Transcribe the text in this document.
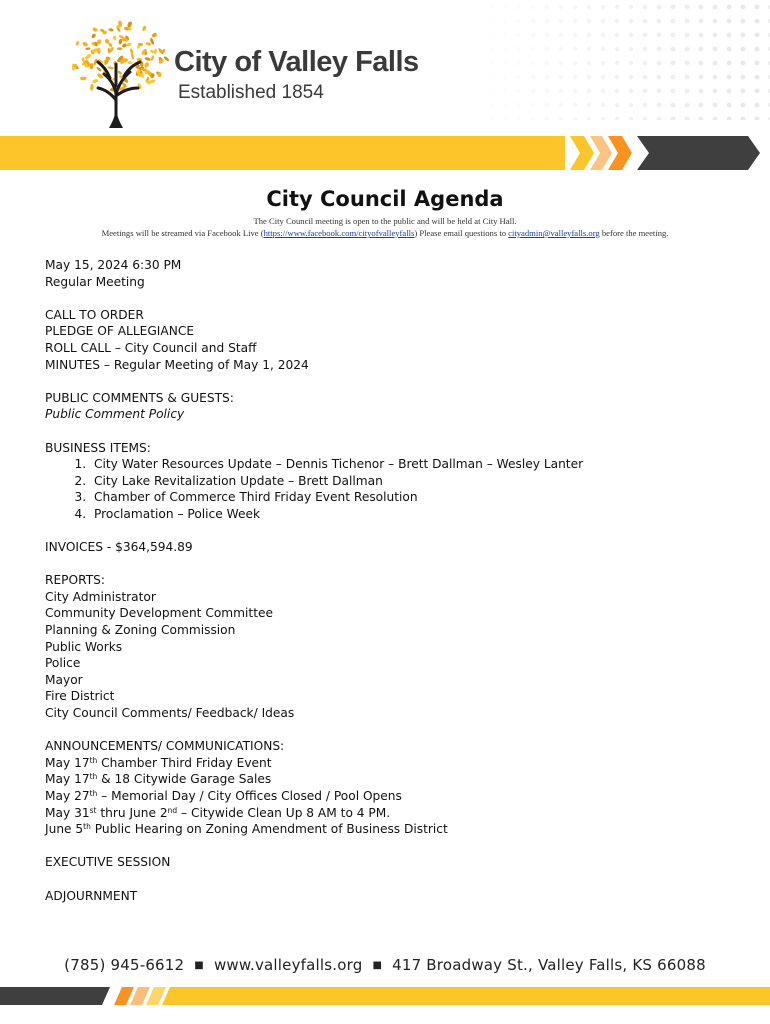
City of Valley Falls
Established 1854
City Council Agenda
The City Council meeting is open to the public and will be held at City Hall.
Meetings will be streamed via Facebook Live (https://www.facebook.com/cityofvalleyfalls) Please email questions to cityadmin@valleyfalls.org before the meeting.
May 15, 2024 6:30 PM
Regular Meeting
CALL TO ORDER
PLEDGE OF ALLEGIANCE
ROLL CALL – City Council and Staff
MINUTES – Regular Meeting of May 1, 2024
PUBLIC COMMENTS & GUESTS:
Public Comment Policy
BUSINESS ITEMS:
1. City Water Resources Update – Dennis Tichenor – Brett Dallman – Wesley Lanter
2. City Lake Revitalization Update – Brett Dallman
3. Chamber of Commerce Third Friday Event Resolution
4. Proclamation – Police Week
INVOICES - $364,594.89
REPORTS:
City Administrator
Community Development Committee
Planning & Zoning Commission
Public Works
Police
Mayor
Fire District
City Council Comments/ Feedback/ Ideas
ANNOUNCEMENTS/ COMMUNICATIONS:
May 17th Chamber Third Friday Event
May 17th & 18 Citywide Garage Sales
May 27th – Memorial Day / City Offices Closed / Pool Opens
May 31st thru June 2nd – Citywide Clean Up 8 AM to 4 PM.
June 5th Public Hearing on Zoning Amendment of Business District
EXECUTIVE SESSION
ADJOURNMENT
(785) 945-6612 ■ www.valleyfalls.org ■ 417 Broadway St., Valley Falls, KS 66088
